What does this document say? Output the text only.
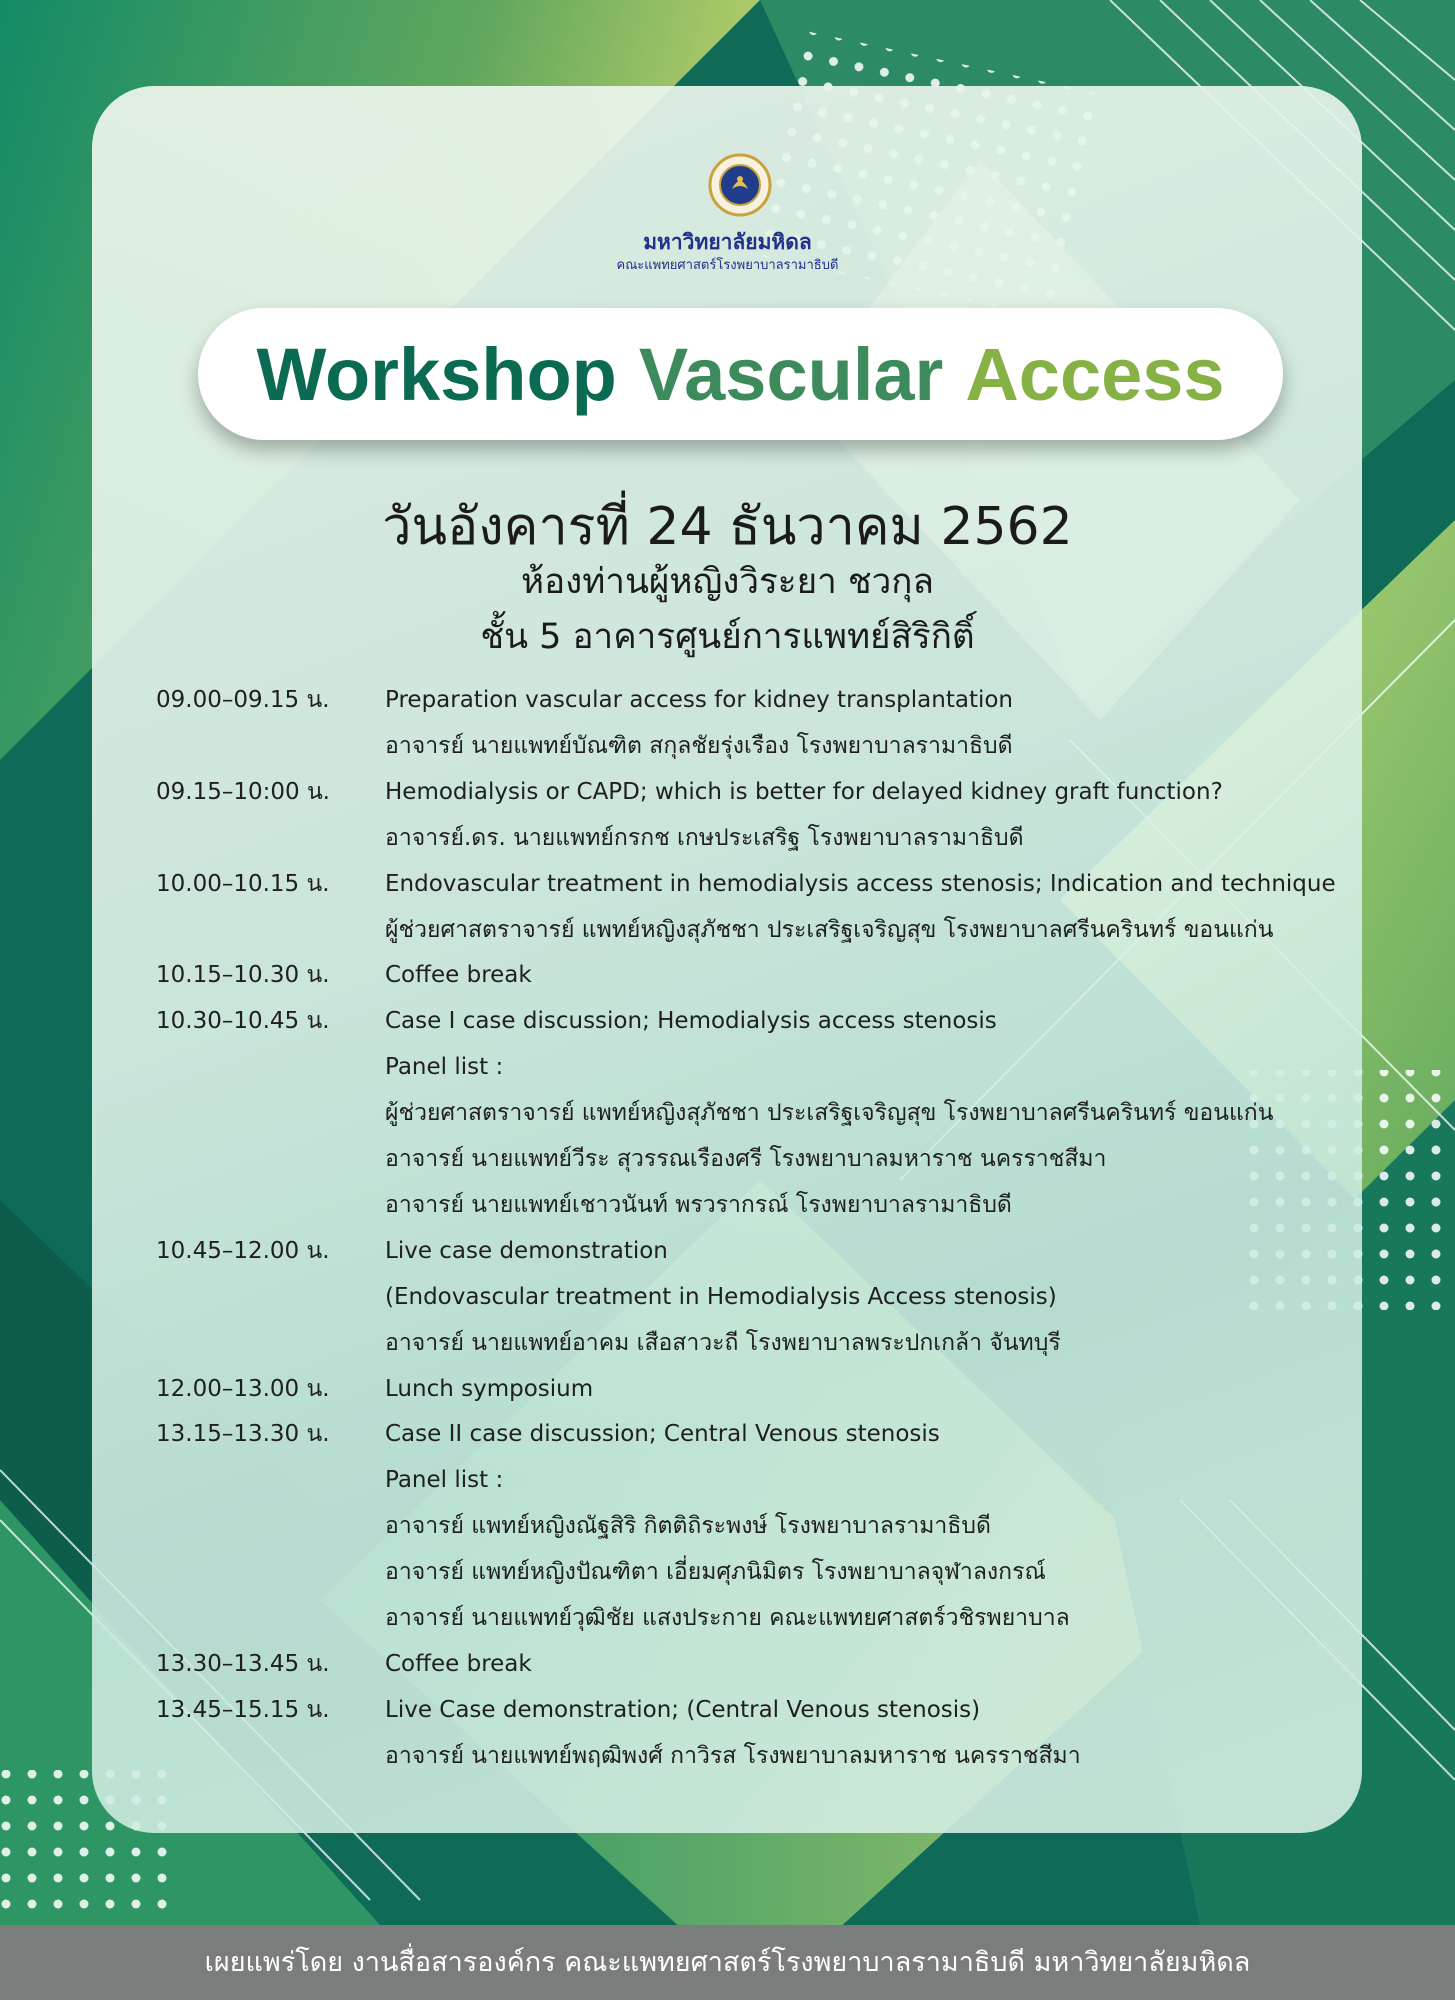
มหาวิทยาลัยมหิดล
คณะแพทยศาสตร์โรงพยาบาลรามาธิบดี
Workshop Vascular Access
วันอังคารที่ 24 ธันวาคม 2562
ห้องท่านผู้หญิงวิระยา ชวกุล
ชั้น 5 อาคารศูนย์การแพทย์สิริกิติ์
09.00–09.15 น. Preparation vascular access for kidney transplantation
อาจารย์ นายแพทย์บัณฑิต สกุลชัยรุ่งเรือง โรงพยาบาลรามาธิบดี
09.15–10:00 น. Hemodialysis or CAPD; which is better for delayed kidney graft function?
อาจารย์.ดร. นายแพทย์กรกช เกษประเสริฐ โรงพยาบาลรามาธิบดี
10.00–10.15 น. Endovascular treatment in hemodialysis access stenosis; Indication and technique
ผู้ช่วยศาสตราจารย์ แพทย์หญิงสุภัชชา ประเสริฐเจริญสุข โรงพยาบาลศรีนครินทร์ ขอนแก่น
10.15–10.30 น. Coffee break
10.30–10.45 น. Case I case discussion; Hemodialysis access stenosis
Panel list :
ผู้ช่วยศาสตราจารย์ แพทย์หญิงสุภัชชา ประเสริฐเจริญสุข โรงพยาบาลศรีนครินทร์ ขอนแก่น
อาจารย์ นายแพทย์วีระ สุวรรณเรืองศรี โรงพยาบาลมหาราช นครราชสีมา
อาจารย์ นายแพทย์เชาวนันท์ พรวรากรณ์ โรงพยาบาลรามาธิบดี
10.45–12.00 น. Live case demonstration
(Endovascular treatment in Hemodialysis Access stenosis)
อาจารย์ นายแพทย์อาคม เสือสาวะถี โรงพยาบาลพระปกเกล้า จันทบุรี
12.00–13.00 น. Lunch symposium
13.15–13.30 น. Case II case discussion; Central Venous stenosis
Panel list :
อาจารย์ แพทย์หญิงณัฐสิริ กิตติถิระพงษ์ โรงพยาบาลรามาธิบดี
อาจารย์ แพทย์หญิงปัณฑิตา เอี่ยมศุภนิมิตร โรงพยาบาลจุฬาลงกรณ์
อาจารย์ นายแพทย์วุฒิชัย แสงประกาย คณะแพทยศาสตร์วชิรพยาบาล
13.30–13.45 น. Coffee break
13.45–15.15 น. Live Case demonstration; (Central Venous stenosis)
อาจารย์ นายแพทย์พฤฒิพงศ์ กาวิรส โรงพยาบาลมหาราช นครราชสีมา
เผยแพร่โดย งานสื่อสารองค์กร คณะแพทยศาสตร์โรงพยาบาลรามาธิบดี มหาวิทยาลัยมหิดล
